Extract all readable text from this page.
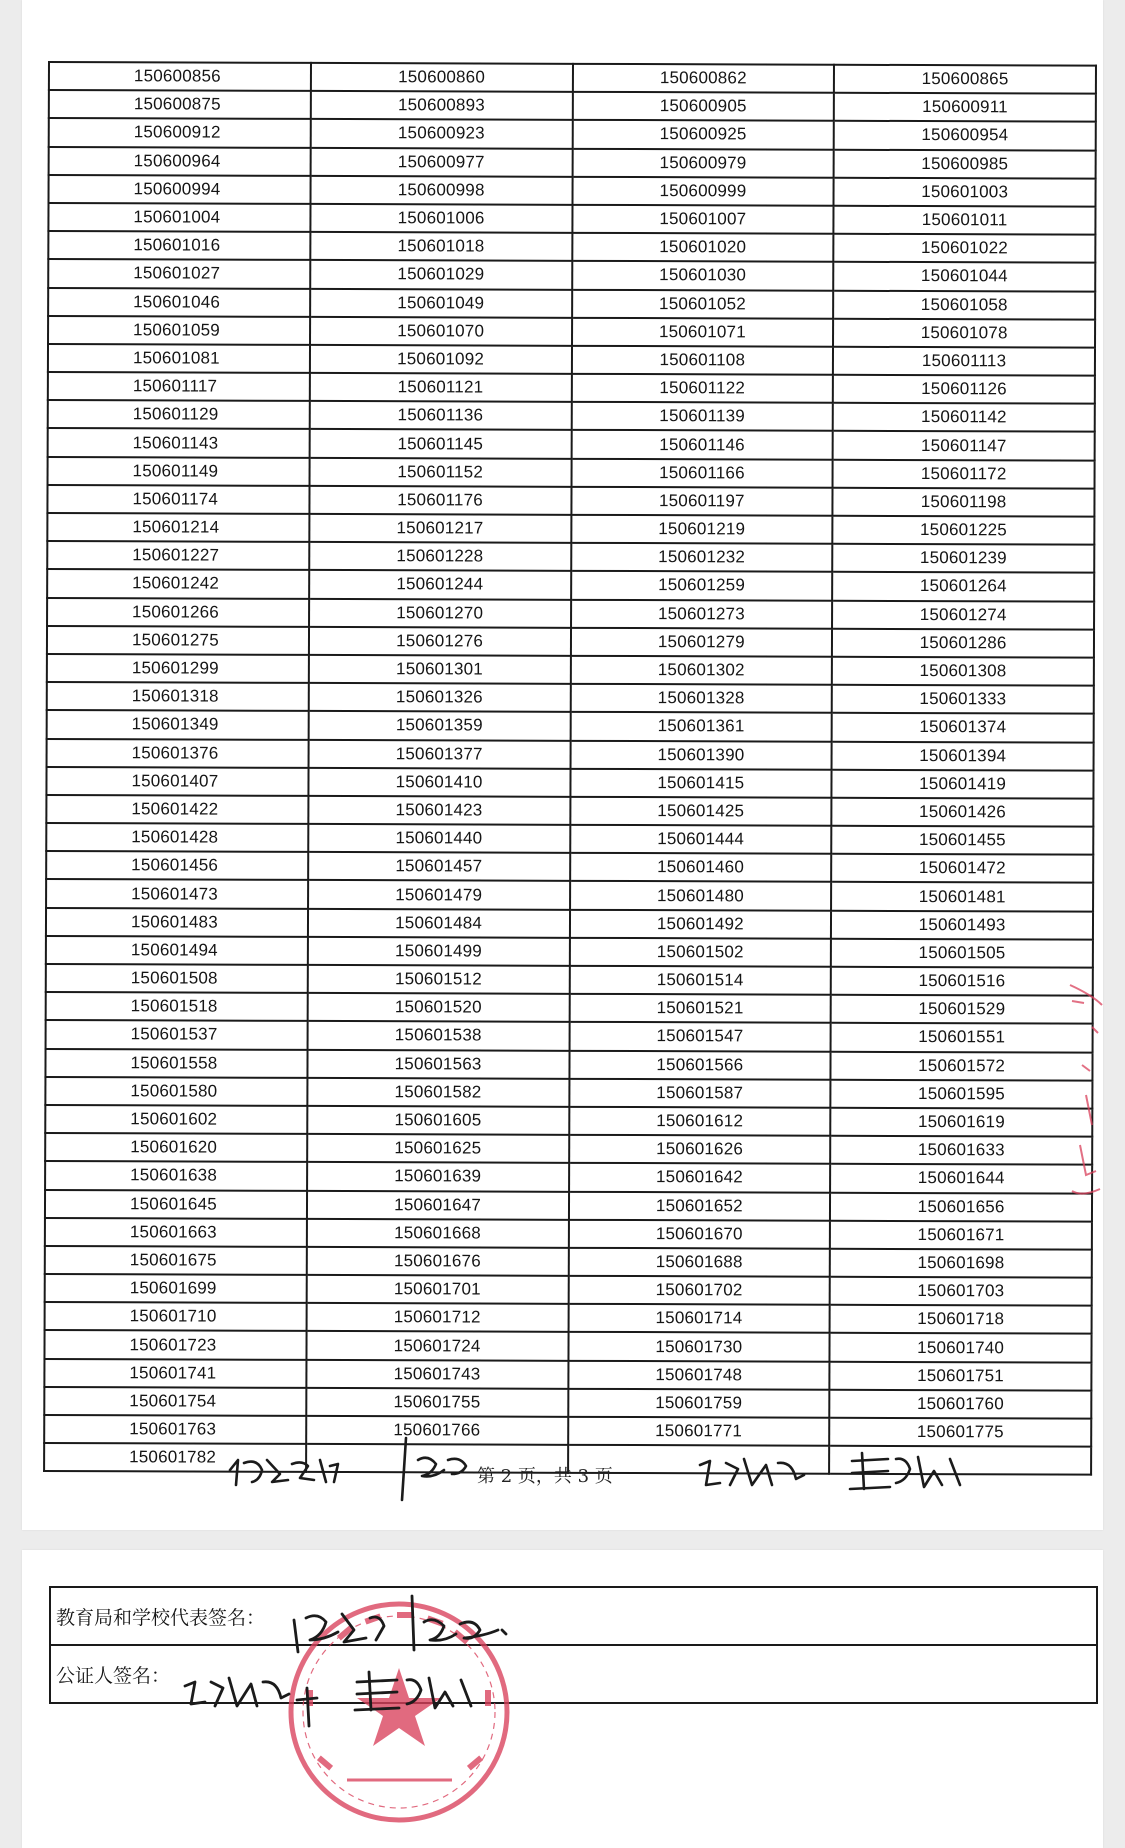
150600856	150600860	150600862	150600865
150600875	150600893	150600905	150600911
150600912	150600923	150600925	150600954
150600964	150600977	150600979	150600985
150600994	150600998	150600999	150601003
150601004	150601006	150601007	150601011
150601016	150601018	150601020	150601022
150601027	150601029	150601030	150601044
150601046	150601049	150601052	150601058
150601059	150601070	150601071	150601078
150601081	150601092	150601108	150601113
150601117	150601121	150601122	150601126
150601129	150601136	150601139	150601142
150601143	150601145	150601146	150601147
150601149	150601152	150601166	150601172
150601174	150601176	150601197	150601198
150601214	150601217	150601219	150601225
150601227	150601228	150601232	150601239
150601242	150601244	150601259	150601264
150601266	150601270	150601273	150601274
150601275	150601276	150601279	150601286
150601299	150601301	150601302	150601308
150601318	150601326	150601328	150601333
150601349	150601359	150601361	150601374
150601376	150601377	150601390	150601394
150601407	150601410	150601415	150601419
150601422	150601423	150601425	150601426
150601428	150601440	150601444	150601455
150601456	150601457	150601460	150601472
150601473	150601479	150601480	150601481
150601483	150601484	150601492	150601493
150601494	150601499	150601502	150601505
150601508	150601512	150601514	150601516
150601518	150601520	150601521	150601529
150601537	150601538	150601547	150601551
150601558	150601563	150601566	150601572
150601580	150601582	150601587	150601595
150601602	150601605	150601612	150601619
150601620	150601625	150601626	150601633
150601638	150601639	150601642	150601644
150601645	150601647	150601652	150601656
150601663	150601668	150601670	150601671
150601675	150601676	150601688	150601698
150601699	150601701	150601702	150601703
150601710	150601712	150601714	150601718
150601723	150601724	150601730	150601740
150601741	150601743	150601748	150601751
150601754	150601755	150601759	150601760
150601763	150601766	150601771	150601775
150601782			
第 2 页，共 3 页
教育局和学校代表签名：
公证人签名：
